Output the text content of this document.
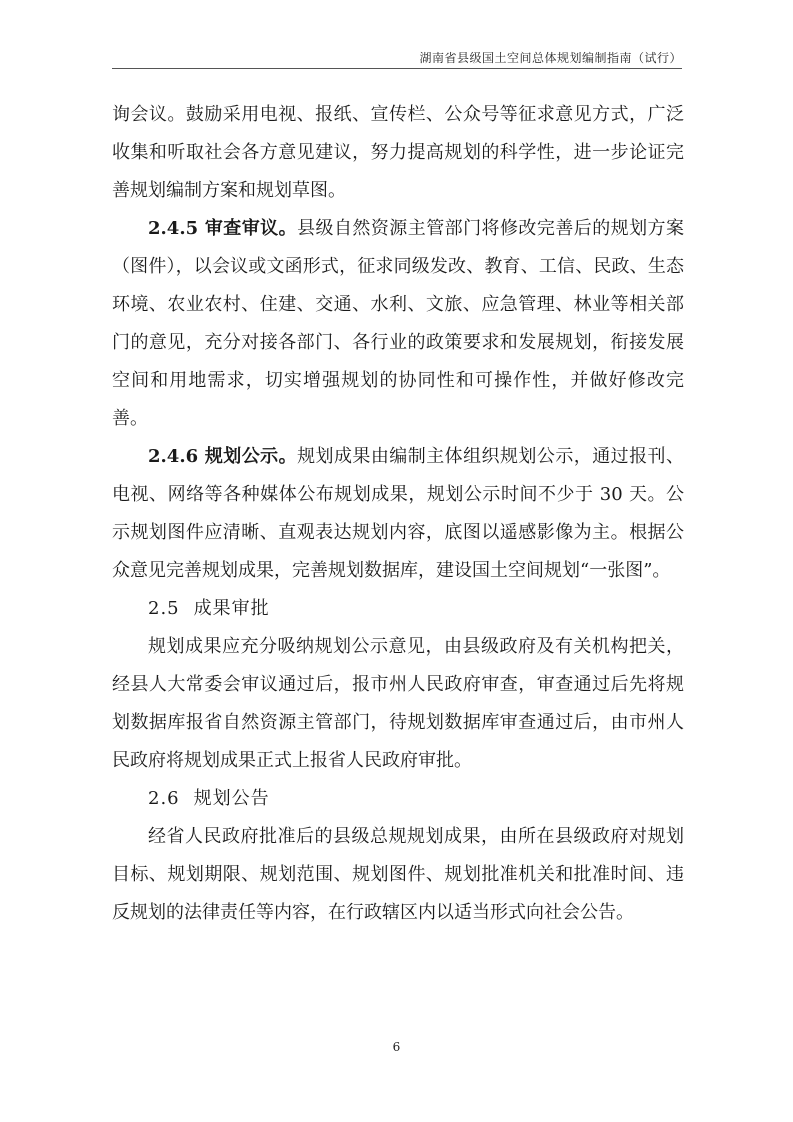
湖南省县级国土空间总体规划编制指南（试行）

询会议。鼓励采用电视、报纸、宣传栏、公众号等征求意见方式，广泛收集和听取社会各方意见建议，努力提高规划的科学性，进一步论证完善规划编制方案和规划草图。

2.4.5 审查审议。县级自然资源主管部门将修改完善后的规划方案（图件），以会议或文函形式，征求同级发改、教育、工信、民政、生态环境、农业农村、住建、交通、水利、文旅、应急管理、林业等相关部门的意见，充分对接各部门、各行业的政策要求和发展规划，衔接发展空间和用地需求，切实增强规划的协同性和可操作性，并做好修改完善。

2.4.6 规划公示。规划成果由编制主体组织规划公示，通过报刊、电视、网络等各种媒体公布规划成果，规划公示时间不少于 30 天。公示规划图件应清晰、直观表达规划内容，底图以遥感影像为主。根据公众意见完善规划成果，完善规划数据库，建设国土空间规划“一张图”。

2.5 成果审批

规划成果应充分吸纳规划公示意见，由县级政府及有关机构把关，经县人大常委会审议通过后，报市州人民政府审查，审查通过后先将规划数据库报省自然资源主管部门，待规划数据库审查通过后，由市州人民政府将规划成果正式上报省人民政府审批。

2.6 规划公告

经省人民政府批准后的县级总规规划成果，由所在县级政府对规划目标、规划期限、规划范围、规划图件、规划批准机关和批准时间、违反规划的法律责任等内容，在行政辖区内以适当形式向社会公告。

6
